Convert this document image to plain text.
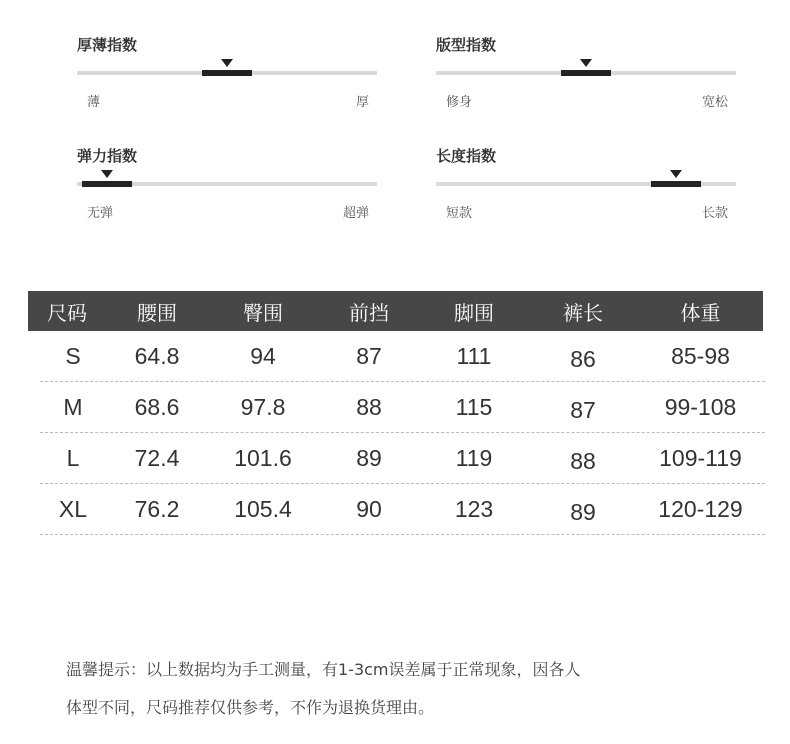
厚薄指数
薄	厚
版型指数
修身	宽松
弹力指数
无弹	超弹
长度指数
短款	长款
尺码	腰围	臀围	前挡	脚围	裤长	体重
S	64.8	94	87	111	86	85-98
M	68.6	97.8	88	115	87	99-108
L	72.4	101.6	89	119	88	109-119
XL	76.2	105.4	90	123	89	120-129
温馨提示：以上数据均为手工测量，有1-3cm误差属于正常现象，因各人
体型不同，尺码推荐仅供参考，不作为退换货理由。
